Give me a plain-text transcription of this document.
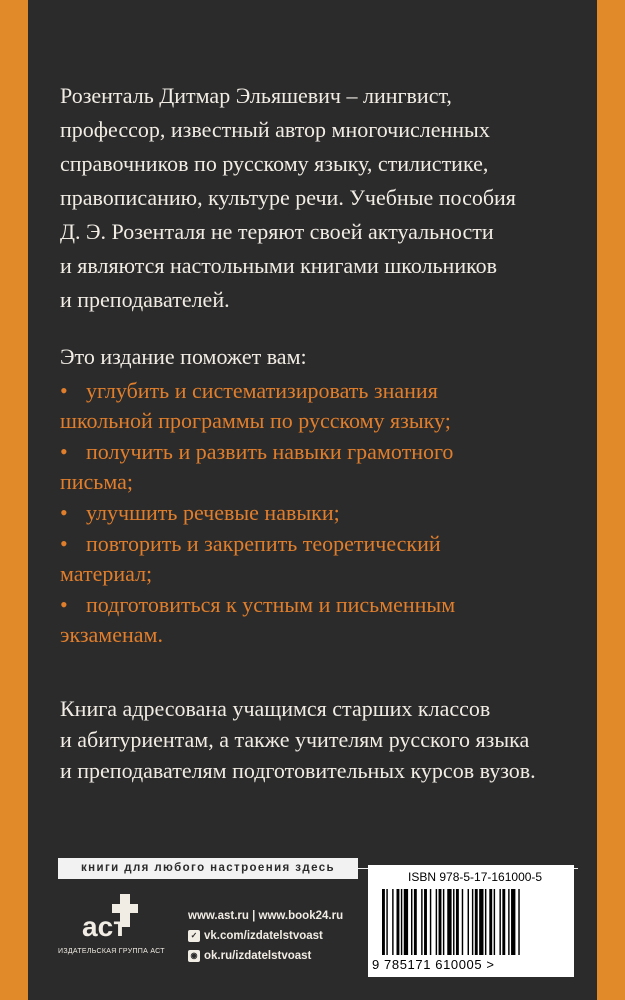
Розенталь Дитмар Эльяшевич – лингвист,

профессор, известный автор многочисленных

справочников по русскому языку, стилистике,

правописанию, культуре речи. Учебные пособия

Д. Э. Розенталя не теряют своей актуальности

и являются настольными книгами школьников

и преподавателей.

Это издание поможет вам:
• углубить и систематизировать знания
школьной программы по русскому языку;
• получить и развить навыки грамотного
письма;
• улучшить речевые навыки;
• повторить и закрепить теоретический
материал;
• подготовиться к устным и письменным
экзаменам.
Книга адресована учащимся старших классов
и абитуриентам, а также учителям русского языка
и преподавателям подготовительных курсов вузов.
книги для любого настроения здесь
аст
ИЗДАТЕЛЬСКАЯ ГРУППА АСТ
www.ast.ru | www.book24.ru
✓ vk.com/izdatelstvoast
◉ ok.ru/izdatelstvoast
ISBN 978-5-17-161000-5
9 785171 610005 >
